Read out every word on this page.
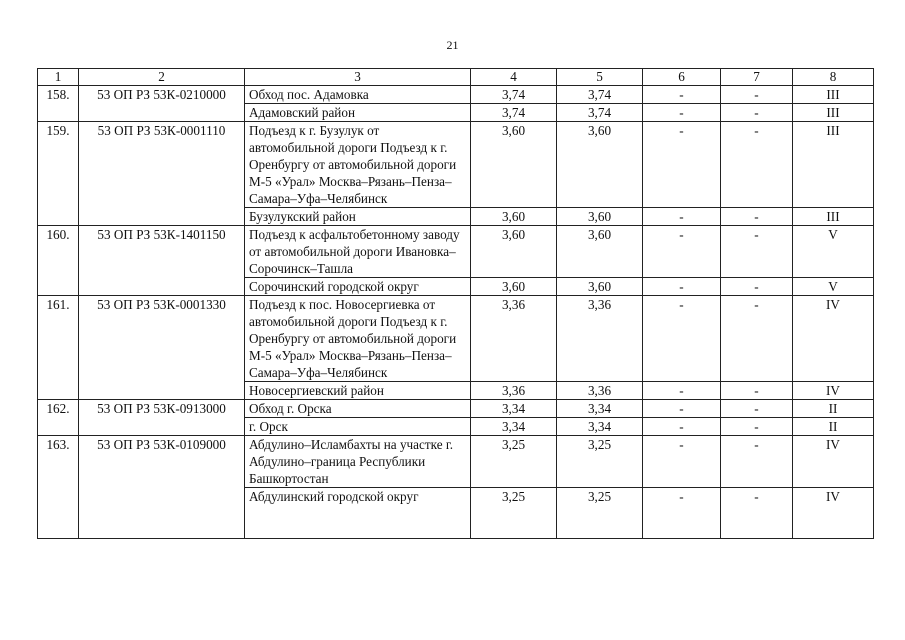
21
1	2	3	4	5	6	7	8
158.	53 ОП РЗ 53К-0210000	Обход пос. Адамовка	3,74	3,74	-	-	III
		Адамовский район	3,74	3,74	-	-	III
159.	53 ОП РЗ 53К-0001110	Подъезд к г. Бузулук от автомобильной дороги Подъезд к г. Оренбургу от автомобильной дороги М-5 «Урал» Москва–Рязань–Пенза–Самара–Уфа–Челябинск	3,60	3,60	-	-	III
		Бузулукский район	3,60	3,60	-	-	III
160.	53 ОП РЗ 53К-1401150	Подъезд к асфальтобетонному заводу от автомобильной дороги Ивановка–Сорочинск–Ташла	3,60	3,60	-	-	V
		Сорочинский городской округ	3,60	3,60	-	-	V
161.	53 ОП РЗ 53К-0001330	Подъезд к пос. Новосергиевка от автомобильной дороги Подъезд к г. Оренбургу от автомобильной дороги М-5 «Урал» Москва–Рязань–Пенза–Самара–Уфа–Челябинск	3,36	3,36	-	-	IV
		Новосергиевский район	3,36	3,36	-	-	IV
162.	53 ОП РЗ 53К-0913000	Обход г. Орска	3,34	3,34	-	-	II
		г. Орск	3,34	3,34	-	-	II
163.	53 ОП РЗ 53К-0109000	Абдулино–Исламбахты на участке г. Абдулино–граница Республики Башкортостан	3,25	3,25	-	-	IV
		Абдулинский городской округ	3,25	3,25	-	-	IV
